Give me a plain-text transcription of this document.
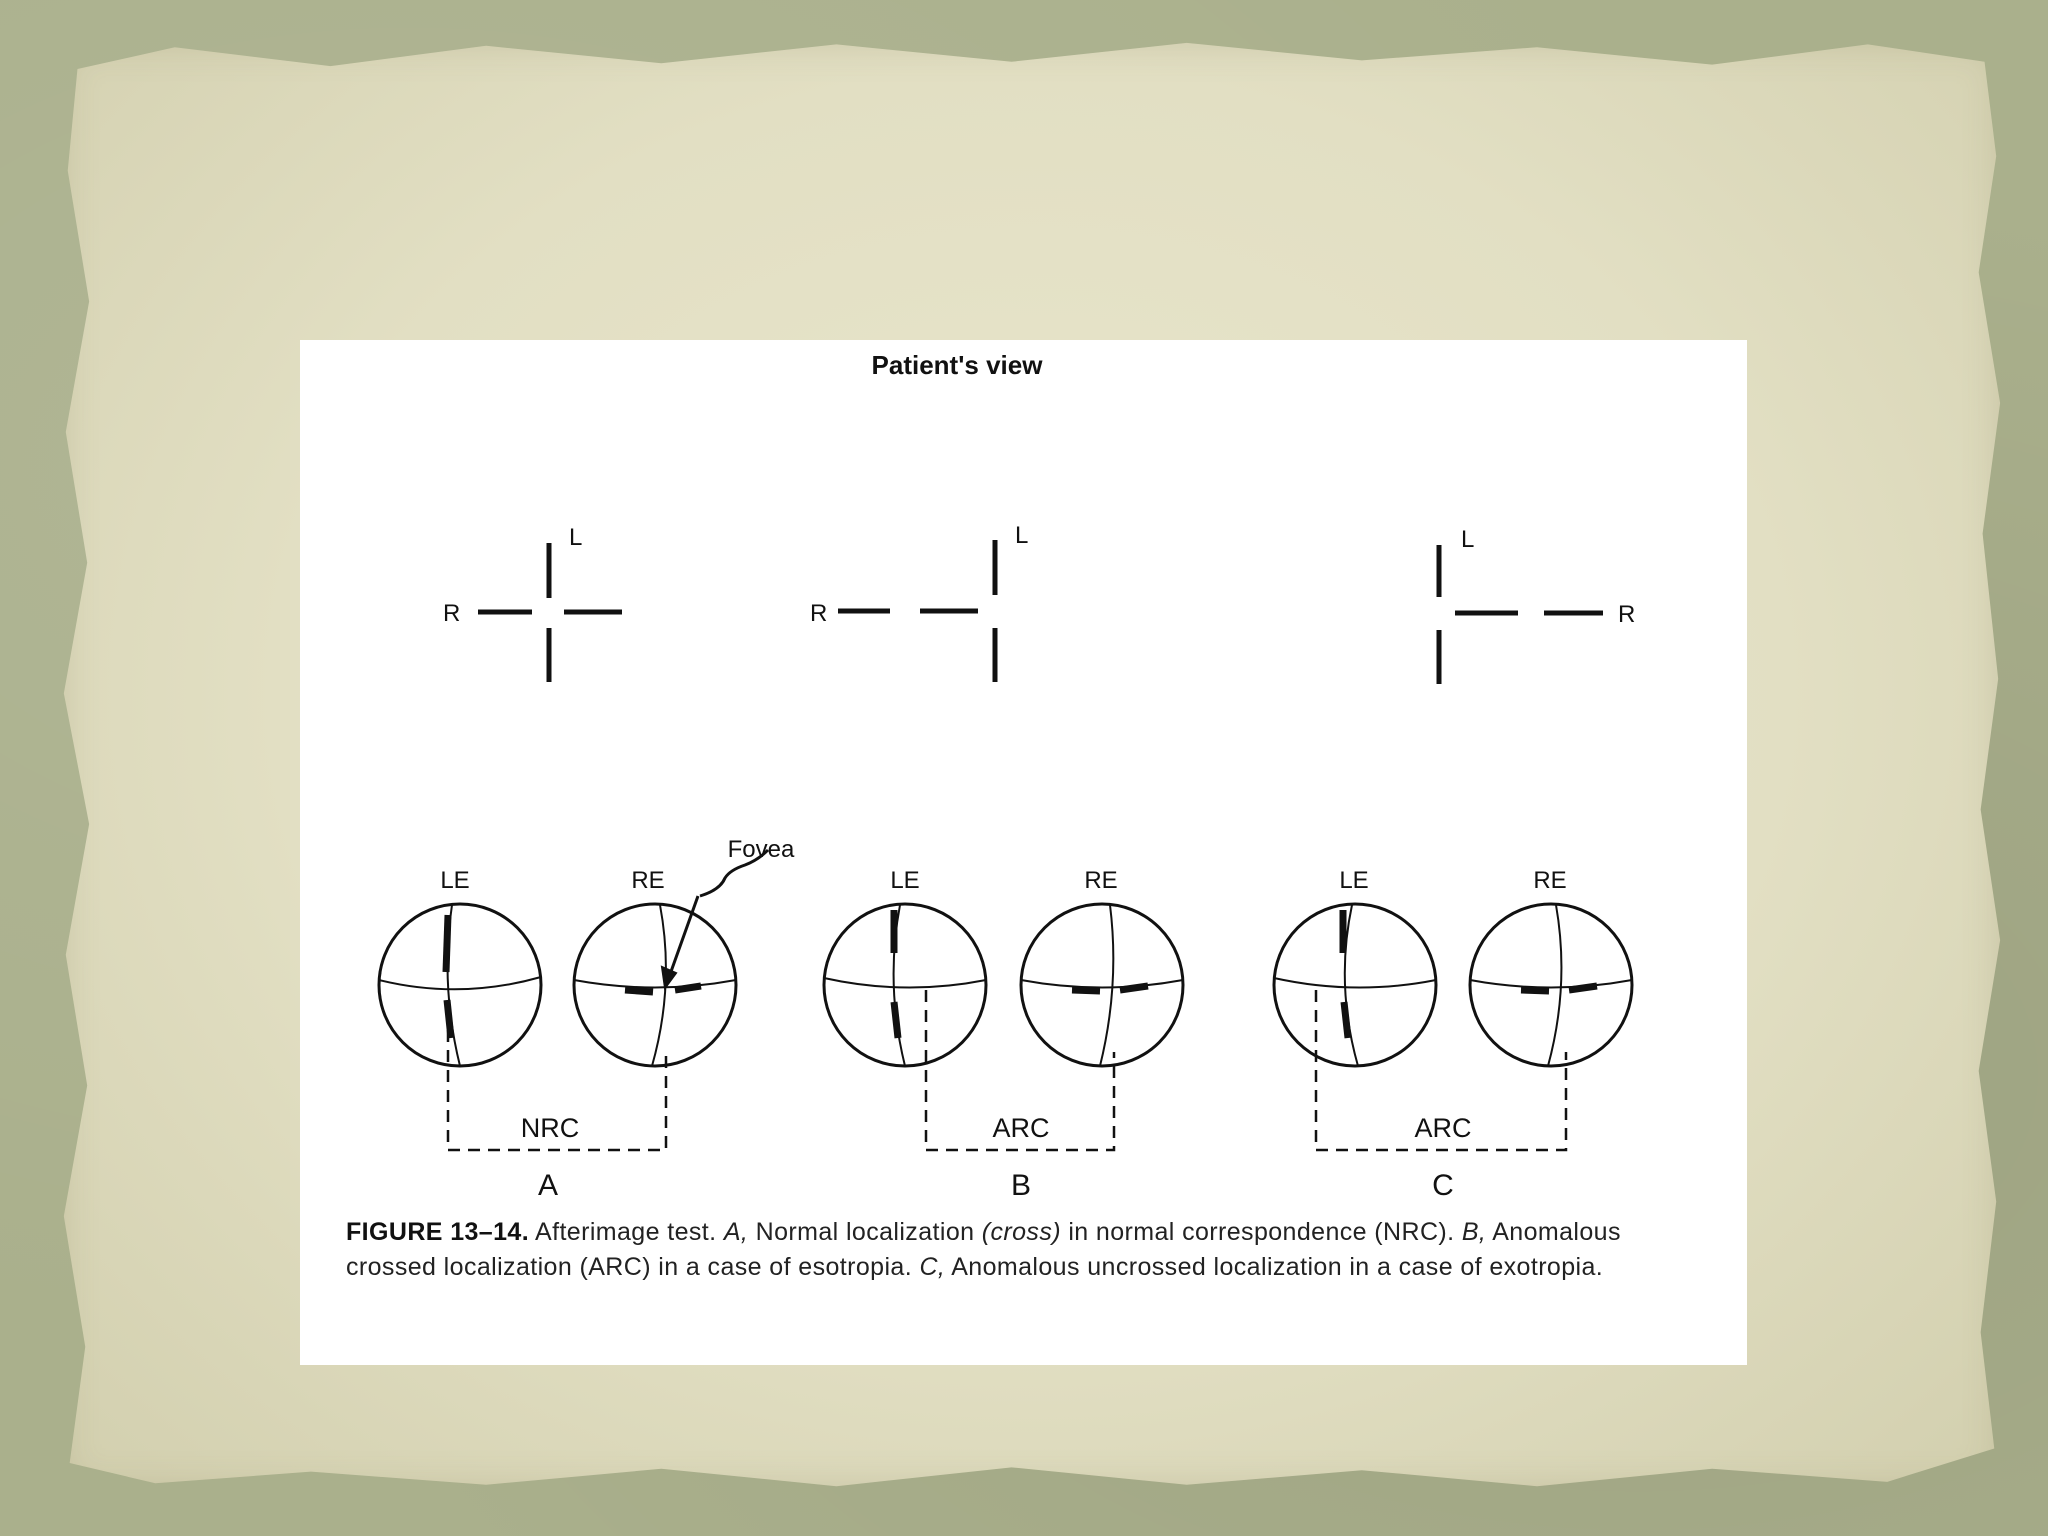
Patient's view
L
R
L
R
L
R
LE	RE
Fovea
NRC
A
LE	RE
ARC
B
LE	RE
ARC
C
FIGURE 13–14. Afterimage test. A, Normal localization (cross) in normal correspondence (NRC). B, Anomalous crossed localization (ARC) in a case of esotropia. C, Anomalous uncrossed localization in a case of exotropia.
